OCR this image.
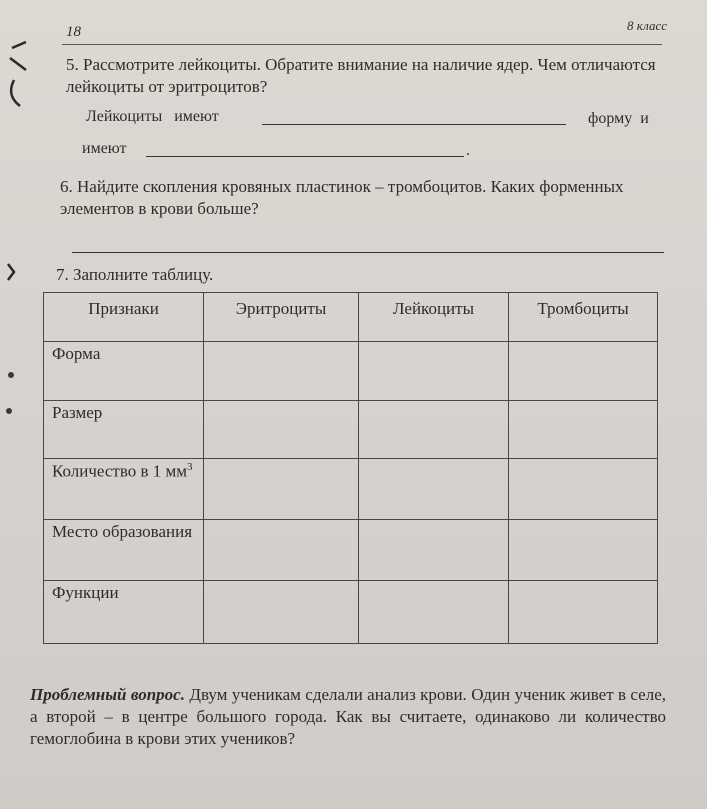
18	8 класс
5. Рассмотрите лейкоциты. Обратите внимание на наличие ядер. Чем отличаются лейкоциты от эритроцитов?
Лейкоциты   имеют	форму  и
имеют	.
6. Найдите скопления кровяных пластинок – тромбоцитов. Каких форменных элементов в крови больше?
7. Заполните таблицу.
Признаки	Эритроциты	Лейкоциты	Тромбоциты
Форма			
Размер			
Количество в 1 $мм^3$			
Место образования			
Функции			
Проблемный вопрос. Двум ученикам сделали анализ крови. Один ученик живет в селе, а второй – в центре большого города. Как вы считаете, одинаково ли количество гемоглобина в крови этих учеников?
